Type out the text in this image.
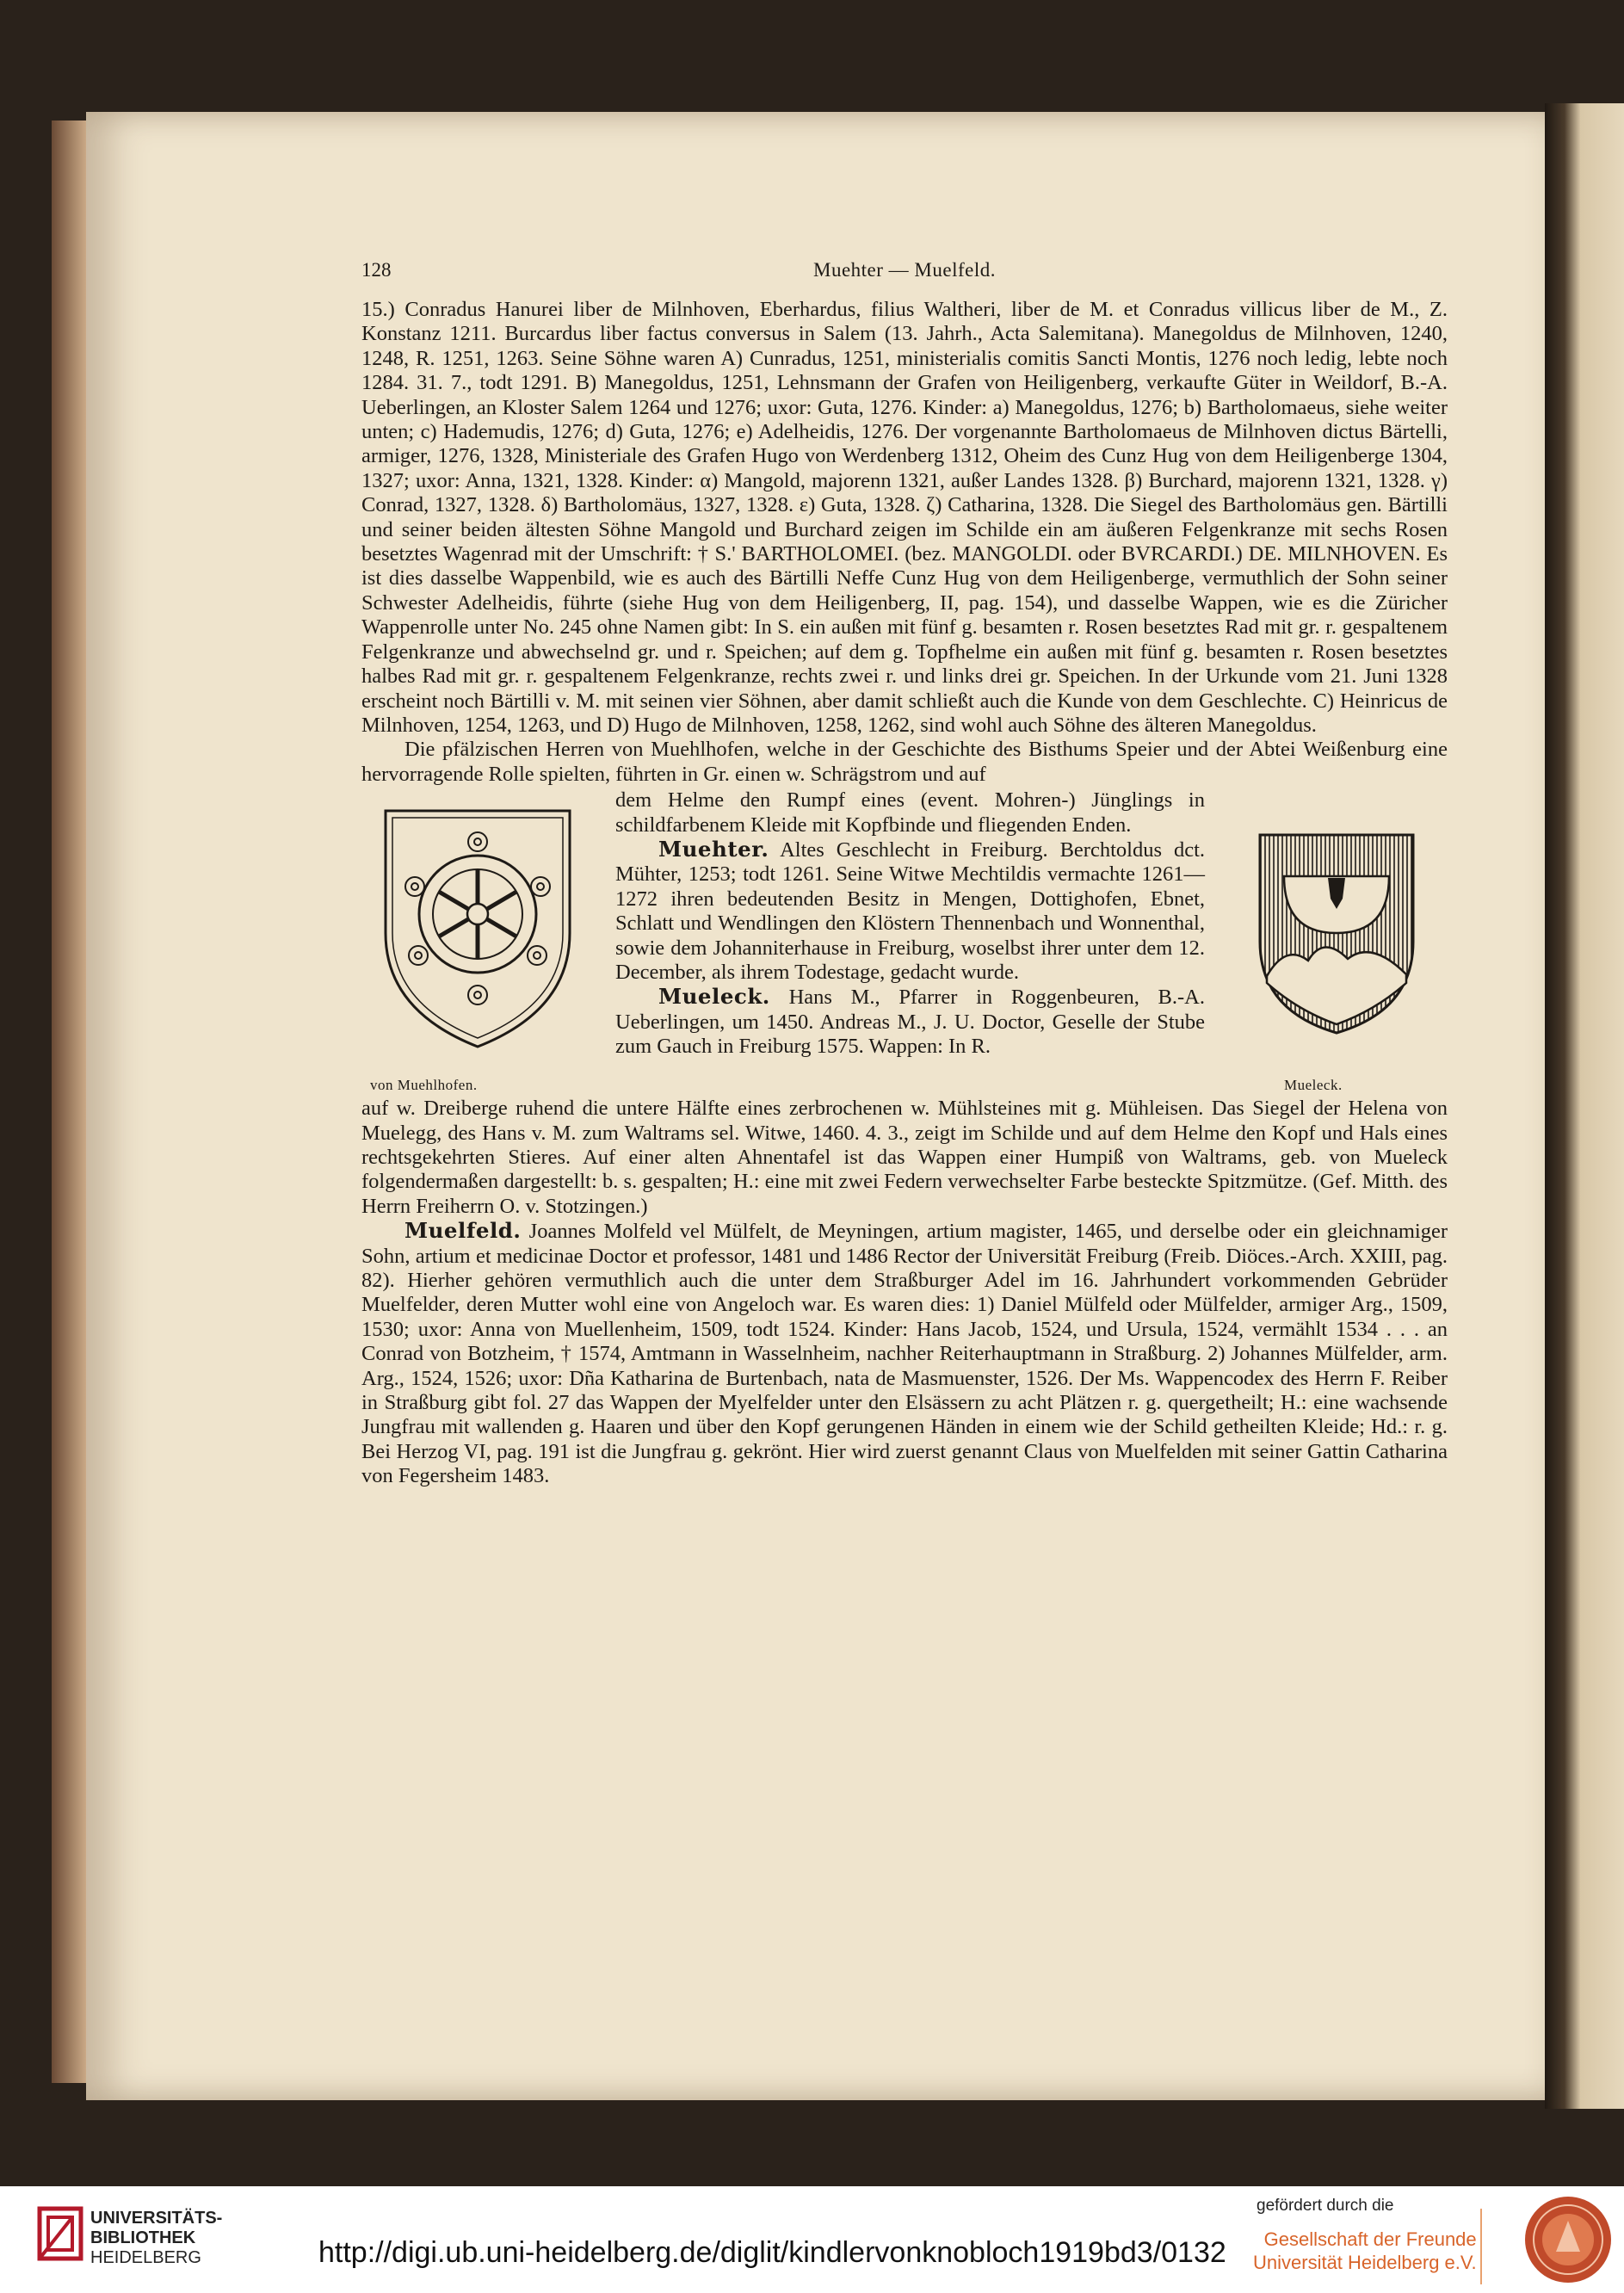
128	Muehter — Muelfeld.

15.) Conradus Hanurei liber de Milnhoven, Eberhardus, filius Waltheri, liber de M. et Conradus villicus liber de M., Z. Konstanz 1211. Burcardus liber factus conversus in Salem (13. Jahrh., Acta Salemitana). Manegoldus de Milnhoven, 1240, 1248, R. 1251, 1263. Seine Söhne waren A) Cunradus, 1251, ministerialis comitis Sancti Montis, 1276 noch ledig, lebte noch 1284. 31. 7., todt 1291. B) Manegoldus, 1251, Lehnsmann der Grafen von Heiligenberg, verkaufte Güter in Weildorf, B.-A. Ueberlingen, an Kloster Salem 1264 und 1276; uxor: Guta, 1276. Kinder: a) Manegoldus, 1276; b) Bartholomaeus, siehe weiter unten; c) Hademudis, 1276; d) Guta, 1276; e) Adelheidis, 1276. Der vorgenannte Bartholomaeus de Milnhoven dictus Bärtelli, armiger, 1276, 1328, Ministeriale des Grafen Hugo von Werdenberg 1312, Oheim des Cunz Hug von dem Heiligenberge 1304, 1327; uxor: Anna, 1321, 1328. Kinder: α) Mangold, majorenn 1321, außer Landes 1328. β) Burchard, majorenn 1321, 1328. γ) Conrad, 1327, 1328. δ) Bartholomäus, 1327, 1328. ε) Guta, 1328. ζ) Catharina, 1328. Die Siegel des Bartholomäus gen. Bärtilli und seiner beiden ältesten Söhne Mangold und Burchard zeigen im Schilde ein am äußeren Felgenkranze mit sechs Rosen besetztes Wagenrad mit der Umschrift: † S.' BARTHOLOMEI. (bez. MANGOLDI. oder BVRCARDI.) DE. MILNHOVEN. Es ist dies dasselbe Wappenbild, wie es auch des Bärtilli Neffe Cunz Hug von dem Heiligenberge, vermuthlich der Sohn seiner Schwester Adelheidis, führte (siehe Hug von dem Heiligenberg, II, pag. 154), und dasselbe Wappen, wie es die Züricher Wappenrolle unter No. 245 ohne Namen gibt: In S. ein außen mit fünf g. besamten r. Rosen besetztes Rad mit gr. r. gespaltenem Felgenkranze und abwechselnd gr. und r. Speichen; auf dem g. Topfhelme ein außen mit fünf g. besamten r. Rosen besetztes halbes Rad mit gr. r. gespaltenem Felgenkranze, rechts zwei r. und links drei gr. Speichen. In der Urkunde vom 21. Juni 1328 erscheint noch Bärtilli v. M. mit seinen vier Söhnen, aber damit schließt auch die Kunde von dem Geschlechte. C) Heinricus de Milnhoven, 1254, 1263, und D) Hugo de Milnhoven, 1258, 1262, sind wohl auch Söhne des älteren Manegoldus.

Die pfälzischen Herren von Muehlhofen, welche in der Geschichte des Bisthums Speier und der Abtei Weißenburg eine hervorragende Rolle spielten, führten in Gr. einen w. Schrägstrom und auf

von Muehlhofen.	Mueleck.

dem Helme den Rumpf eines (event. Mohren-) Jünglings in schildfarbenem Kleide mit Kopfbinde und fliegenden Enden.

Muehter. Altes Geschlecht in Freiburg. Berchtoldus dct. Mühter, 1253; todt 1261. Seine Witwe Mechtildis vermachte 1261—1272 ihren bedeutenden Besitz in Mengen, Dottighofen, Ebnet, Schlatt und Wendlingen den Klöstern Thennenbach und Wonnenthal, sowie dem Johanniterhause in Freiburg, woselbst ihrer unter dem 12. December, als ihrem Todestage, gedacht wurde.

Mueleck. Hans M., Pfarrer in Roggenbeuren, B.-A. Ueberlingen, um 1450. Andreas M., J. U. Doctor, Geselle der Stube zum Gauch in Freiburg 1575. Wappen: In R.

auf w. Dreiberge ruhend die untere Hälfte eines zerbrochenen w. Mühlsteines mit g. Mühleisen. Das Siegel der Helena von Muelegg, des Hans v. M. zum Waltrams sel. Witwe, 1460. 4. 3., zeigt im Schilde und auf dem Helme den Kopf und Hals eines rechtsgekehrten Stieres. Auf einer alten Ahnentafel ist das Wappen einer Humpiß von Waltrams, geb. von Mueleck folgendermaßen dargestellt: b. s. gespalten; H.: eine mit zwei Federn verwechselter Farbe besteckte Spitzmütze. (Gef. Mitth. des Herrn Freiherrn O. v. Stotzingen.)

Muelfeld. Joannes Molfeld vel Mülfelt, de Meyningen, artium magister, 1465, und derselbe oder ein gleichnamiger Sohn, artium et medicinae Doctor et professor, 1481 und 1486 Rector der Universität Freiburg (Freib. Diöces.-Arch. XXIII, pag. 82). Hierher gehören vermuthlich auch die unter dem Straßburger Adel im 16. Jahrhundert vorkommenden Gebrüder Muelfelder, deren Mutter wohl eine von Angeloch war. Es waren dies: 1) Daniel Mülfeld oder Mülfelder, armiger Arg., 1509, 1530; uxor: Anna von Muellenheim, 1509, todt 1524. Kinder: Hans Jacob, 1524, und Ursula, 1524, vermählt 1534 . . . an Conrad von Botzheim, † 1574, Amtmann in Wasselnheim, nachher Reiterhauptmann in Straßburg. 2) Johannes Mülfelder, arm. Arg., 1524, 1526; uxor: Dña Katharina de Burtenbach, nata de Masmuenster, 1526. Der Ms. Wappencodex des Herrn F. Reiber in Straßburg gibt fol. 27 das Wappen der Myelfelder unter den Elsässern zu acht Plätzen r. g. quergetheilt; H.: eine wachsende Jungfrau mit wallenden g. Haaren und über den Kopf gerungenen Händen in einem wie der Schild getheilten Kleide; Hd.: r. g. Bei Herzog VI, pag. 191 ist die Jungfrau g. gekrönt. Hier wird zuerst genannt Claus von Muelfelden mit seiner Gattin Catharina von Fegersheim 1483.

UNIVERSITÄTS-
BIBLIOTHEK
HEIDELBERG	http://digi.ub.uni-heidelberg.de/diglit/kindlervonknobloch1919bd3/0132
gefördert durch die
Gesellschaft der Freunde
Universität Heidelberg e.V.
